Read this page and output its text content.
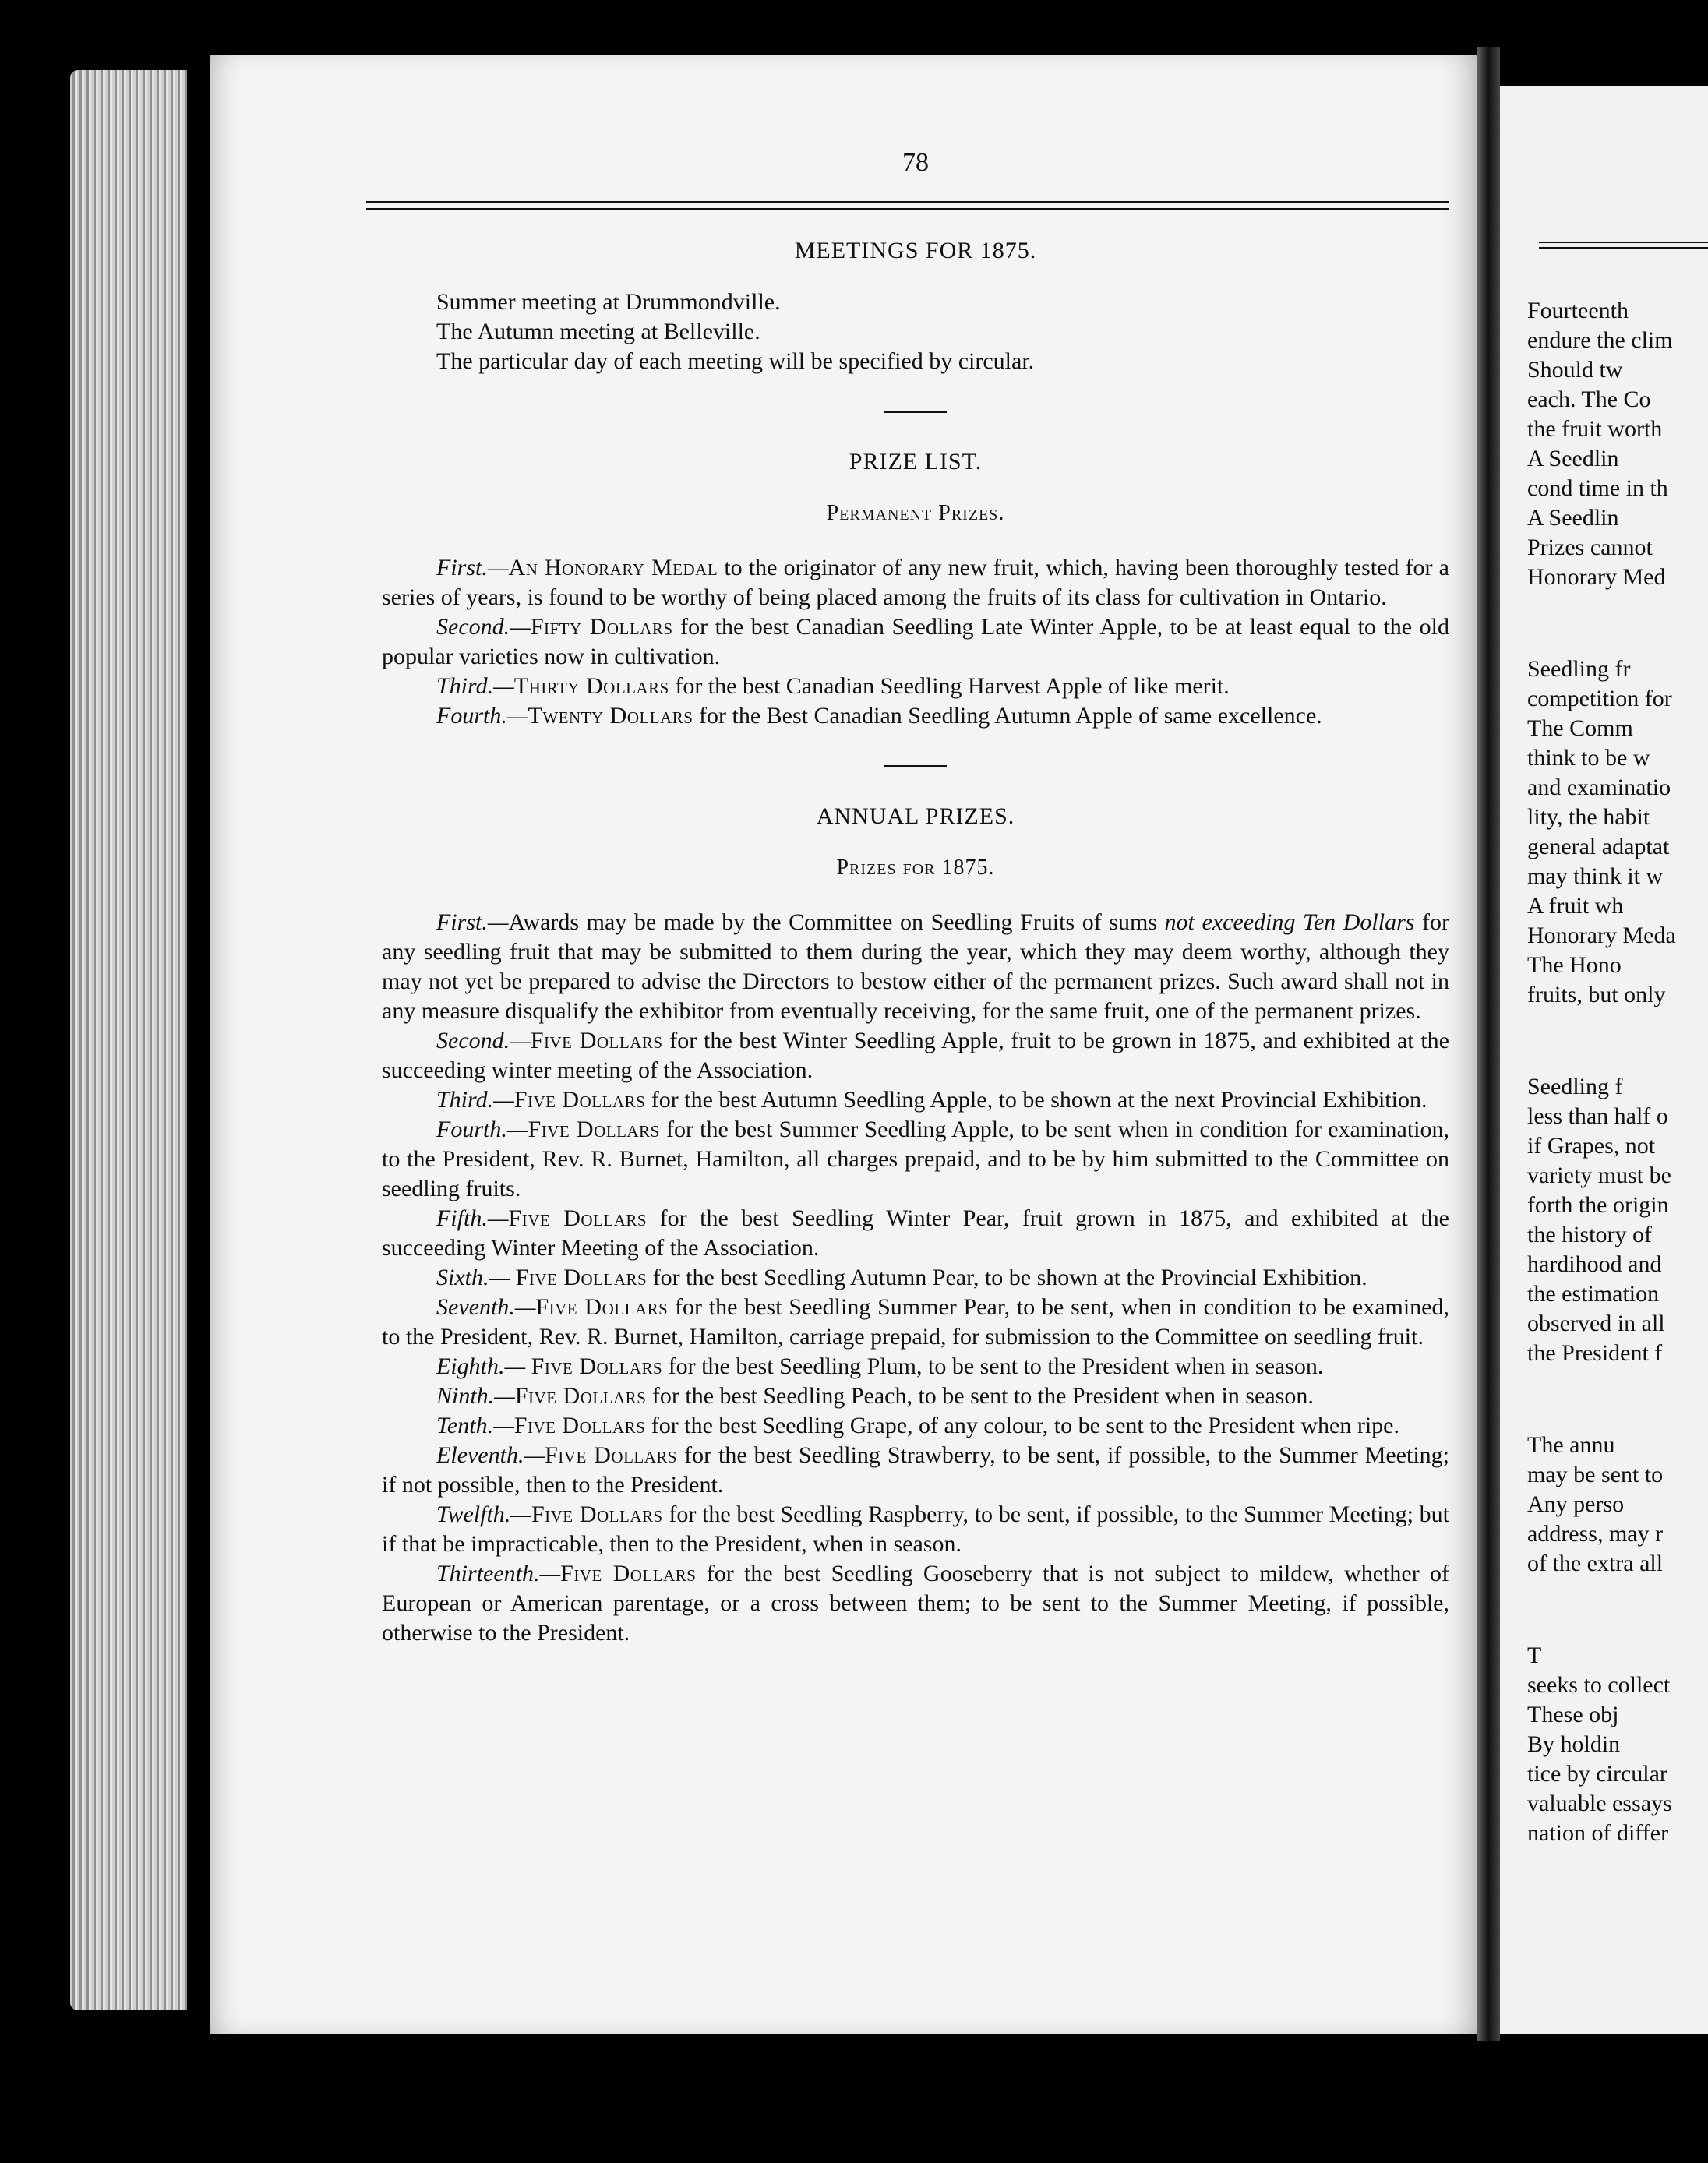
78
MEETINGS FOR 1875.
Summer meeting at Drummondville.
The Autumn meeting at Belleville.
The particular day of each meeting will be specified by circular.
PRIZE LIST.
Permanent Prizes.

First.—An Honorary Medal to the originator of any new fruit, which, having been thoroughly tested for a series of years, is found to be worthy of being placed among the fruits of its class for cultivation in Ontario.

Second.—Fifty Dollars for the best Canadian Seedling Late Winter Apple, to be at least equal to the old popular varieties now in cultivation.

Third.—Thirty Dollars for the best Canadian Seedling Harvest Apple of like merit.

Fourth.—Twenty Dollars for the Best Canadian Seedling Autumn Apple of same excellence.

ANNUAL PRIZES.
Prizes for 1875.

First.—Awards may be made by the Committee on Seedling Fruits of sums not exceeding Ten Dollars for any seedling fruit that may be submitted to them during the year, which they may deem worthy, although they may not yet be prepared to advise the Directors to bestow either of the permanent prizes. Such award shall not in any measure disqualify the exhibitor from eventually receiving, for the same fruit, one of the permanent prizes.

Second.—Five Dollars for the best Winter Seedling Apple, fruit to be grown in 1875, and exhibited at the succeeding winter meeting of the Association.

Third.—Five Dollars for the best Autumn Seedling Apple, to be shown at the next Provincial Exhibition.

Fourth.—Five Dollars for the best Summer Seedling Apple, to be sent when in condition for examination, to the President, Rev. R. Burnet, Hamilton, all charges prepaid, and to be by him submitted to the Committee on seedling fruits.

Fifth.—Five Dollars for the best Seedling Winter Pear, fruit grown in 1875, and exhibited at the succeeding Winter Meeting of the Association.

Sixth.— Five Dollars for the best Seedling Autumn Pear, to be shown at the Provincial Exhibition.

Seventh.—Five Dollars for the best Seedling Summer Pear, to be sent, when in condition to be examined, to the President, Rev. R. Burnet, Hamilton, carriage prepaid, for submission to the Committee on seedling fruit.

Eighth.— Five Dollars for the best Seedling Plum, to be sent to the President when in season.

Ninth.—Five Dollars for the best Seedling Peach, to be sent to the President when in season.

Tenth.—Five Dollars for the best Seedling Grape, of any colour, to be sent to the President when ripe.

Eleventh.—Five Dollars for the best Seedling Strawberry, to be sent, if possible, to the Summer Meeting; if not possible, then to the President.

Twelfth.—Five Dollars for the best Seedling Raspberry, to be sent, if possible, to the Summer Meeting; but if that be impracticable, then to the President, when in season.

Thirteenth.—Five Dollars for the best Seedling Gooseberry that is not subject to mildew, whether of European or American parentage, or a cross between them; to be sent to the Summer Meeting, if possible, otherwise to the President.

Fourteenth
endure the clim
Should tw
each. The Co
the fruit worth
A Seedlin
cond time in th
A Seedlin
Prizes cannot
Honorary Med
Seedling fr
competition for
The Comm
think to be w
and examinatio
lity, the habit
general adaptat
may think it w
A fruit wh
Honorary Meda
The Hono
fruits, but only
Seedling f
less than half o
if Grapes, not
variety must be
forth the origin
the history of
hardihood and
the estimation
observed in all
the President f
The annu
may be sent to
Any perso
address, may r
of the extra all
T
seeks to collect
These obj
By holdin
tice by circular
valuable essays
nation of differ
